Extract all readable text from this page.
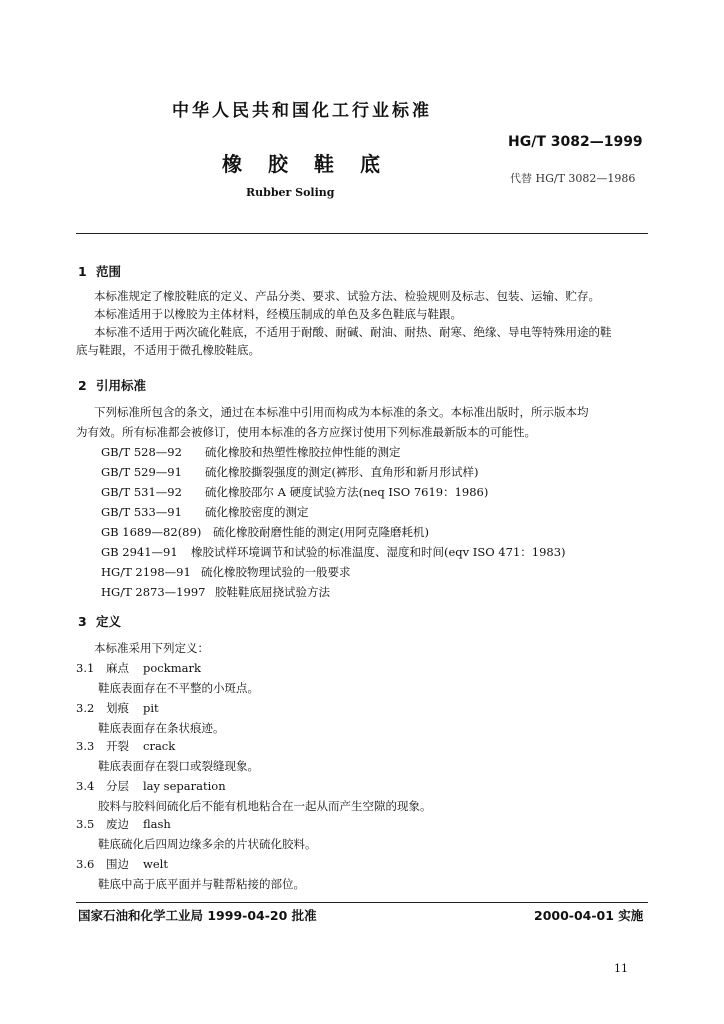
中华人民共和国化工行业标准
HG/T 3082—1999
橡胶鞋底
代替 HG/T 3082—1986
Rubber Soling
1 范围
本标准规定了橡胶鞋底的定义、产品分类、要求、试验方法、检验规则及标志、包装、运输、贮存。
本标准适用于以橡胶为主体材料，经模压制成的单色及多色鞋底与鞋跟。
本标准不适用于两次硫化鞋底，不适用于耐酸、耐碱、耐油、耐热、耐寒、绝缘、导电等特殊用途的鞋
底与鞋跟，不适用于微孔橡胶鞋底。
2 引用标准
下列标准所包含的条文，通过在本标准中引用而构成为本标准的条文。本标准出版时，所示版本均
为有效。所有标准都会被修订，使用本标准的各方应探讨使用下列标准最新版本的可能性。
GB/T 528—92 硫化橡胶和热塑性橡胶拉伸性能的测定
GB/T 529—91 硫化橡胶撕裂强度的测定(裤形、直角形和新月形试样)
GB/T 531—92 硫化橡胶邵尔 A 硬度试验方法(neq ISO 7619：1986)
GB/T 533—91 硫化橡胶密度的测定
GB 1689—82(89) 硫化橡胶耐磨性能的测定(用阿克隆磨耗机)
GB 2941—91 橡胶试样环境调节和试验的标准温度、湿度和时间(eqv ISO 471：1983)
HG/T 2198—91 硫化橡胶物理试验的一般要求
HG/T 2873—1997 胶鞋鞋底屈挠试验方法
3 定义
本标准采用下列定义：
3.1 麻点 pockmark
鞋底表面存在不平整的小斑点。
3.2 划痕 pit
鞋底表面存在条状痕迹。
3.3 开裂 crack
鞋底表面存在裂口或裂缝现象。
3.4 分层 lay separation
胶料与胶料间硫化后不能有机地粘合在一起从而产生空隙的现象。
3.5 废边 flash
鞋底硫化后四周边缘多余的片状硫化胶料。
3.6 围边 welt
鞋底中高于底平面并与鞋帮粘接的部位。
国家石油和化学工业局 1999-04-20 批准	2000-04-01 实施
11
